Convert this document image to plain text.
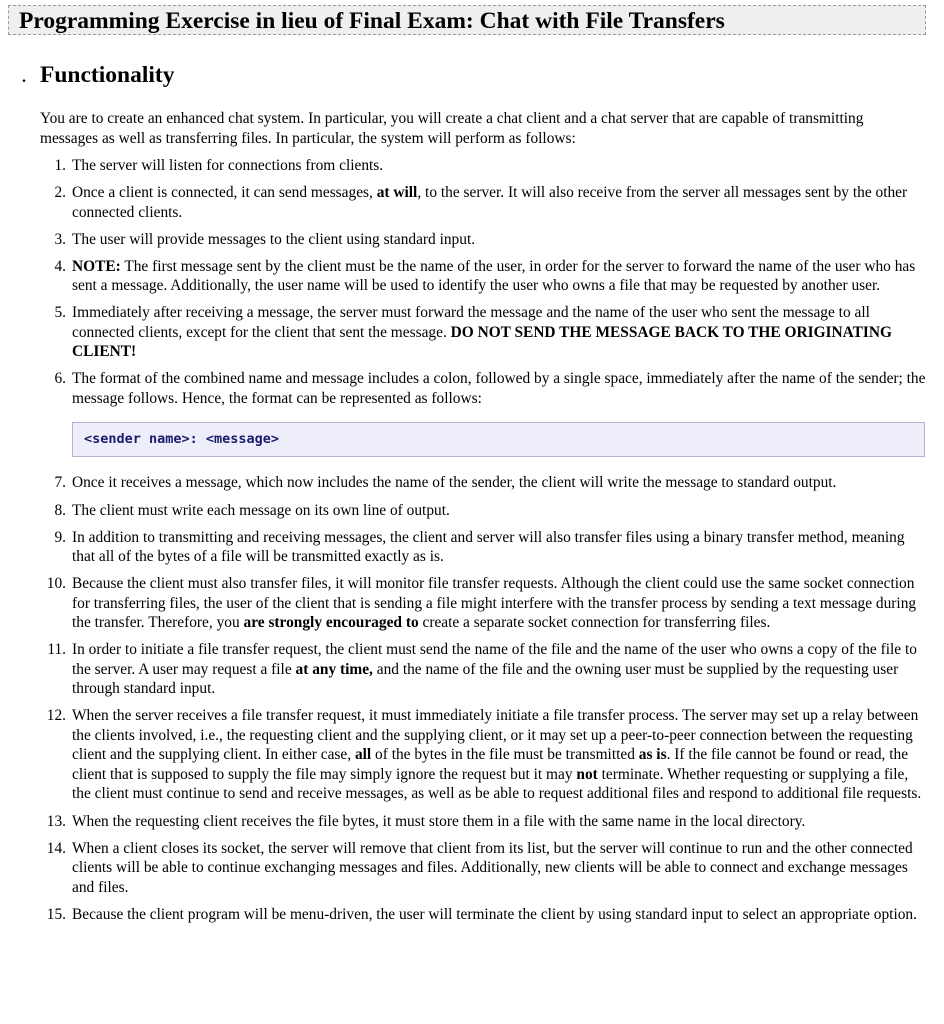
Programming Exercise in lieu of Final Exam: Chat with File Transfers
. Functionality

You are to create an enhanced chat system. In particular, you will create a chat client and a chat server that are capable of transmitting messages as well as transferring files. In particular, the system will perform as follows:

1. The server will listen for connections from clients.
2. Once a client is connected, it can send messages, at will, to the server. It will also receive from the server all messages sent by the other connected clients.
3. The user will provide messages to the client using standard input.
4. NOTE: The first message sent by the client must be the name of the user, in order for the server to forward the name of the user who has sent a message. Additionally, the user name will be used to identify the user who owns a file that may be requested by another user.
5. Immediately after receiving a message, the server must forward the message and the name of the user who sent the message to all connected clients, except for the client that sent the message. DO NOT SEND THE MESSAGE BACK TO THE ORIGINATING CLIENT!
6. The format of the combined name and message includes a colon, followed by a single space, immediately after the name of the sender; the message follows. Hence, the format can be represented as follows:
<sender name>: <message>
7. Once it receives a message, which now includes the name of the sender, the client will write the message to standard output.
8. The client must write each message on its own line of output.
9. In addition to transmitting and receiving messages, the client and server will also transfer files using a binary transfer method, meaning that all of the bytes of a file will be transmitted exactly as is.
10. Because the client must also transfer files, it will monitor file transfer requests. Although the client could use the same socket connection for transferring files, the user of the client that is sending a file might interfere with the transfer process by sending a text message during the transfer. Therefore, you are strongly encouraged to create a separate socket connection for transferring files.
11. In order to initiate a file transfer request, the client must send the name of the file and the name of the user who owns a copy of the file to the server. A user may request a file at any time, and the name of the file and the owning user must be supplied by the requesting user through standard input.
12. When the server receives a file transfer request, it must immediately initiate a file transfer process. The server may set up a relay between the clients involved, i.e., the requesting client and the supplying client, or it may set up a peer-to-peer connection between the requesting client and the supplying client. In either case, all of the bytes in the file must be transmitted as is. If the file cannot be found or read, the client that is supposed to supply the file may simply ignore the request but it may not terminate. Whether requesting or supplying a file, the client must continue to send and receive messages, as well as be able to request additional files and respond to additional file requests.
13. When the requesting client receives the file bytes, it must store them in a file with the same name in the local directory.
14. When a client closes its socket, the server will remove that client from its list, but the server will continue to run and the other connected clients will be able to continue exchanging messages and files. Additionally, new clients will be able to connect and exchange messages and files.
15. Because the client program will be menu-driven, the user will terminate the client by using standard input to select an appropriate option.
